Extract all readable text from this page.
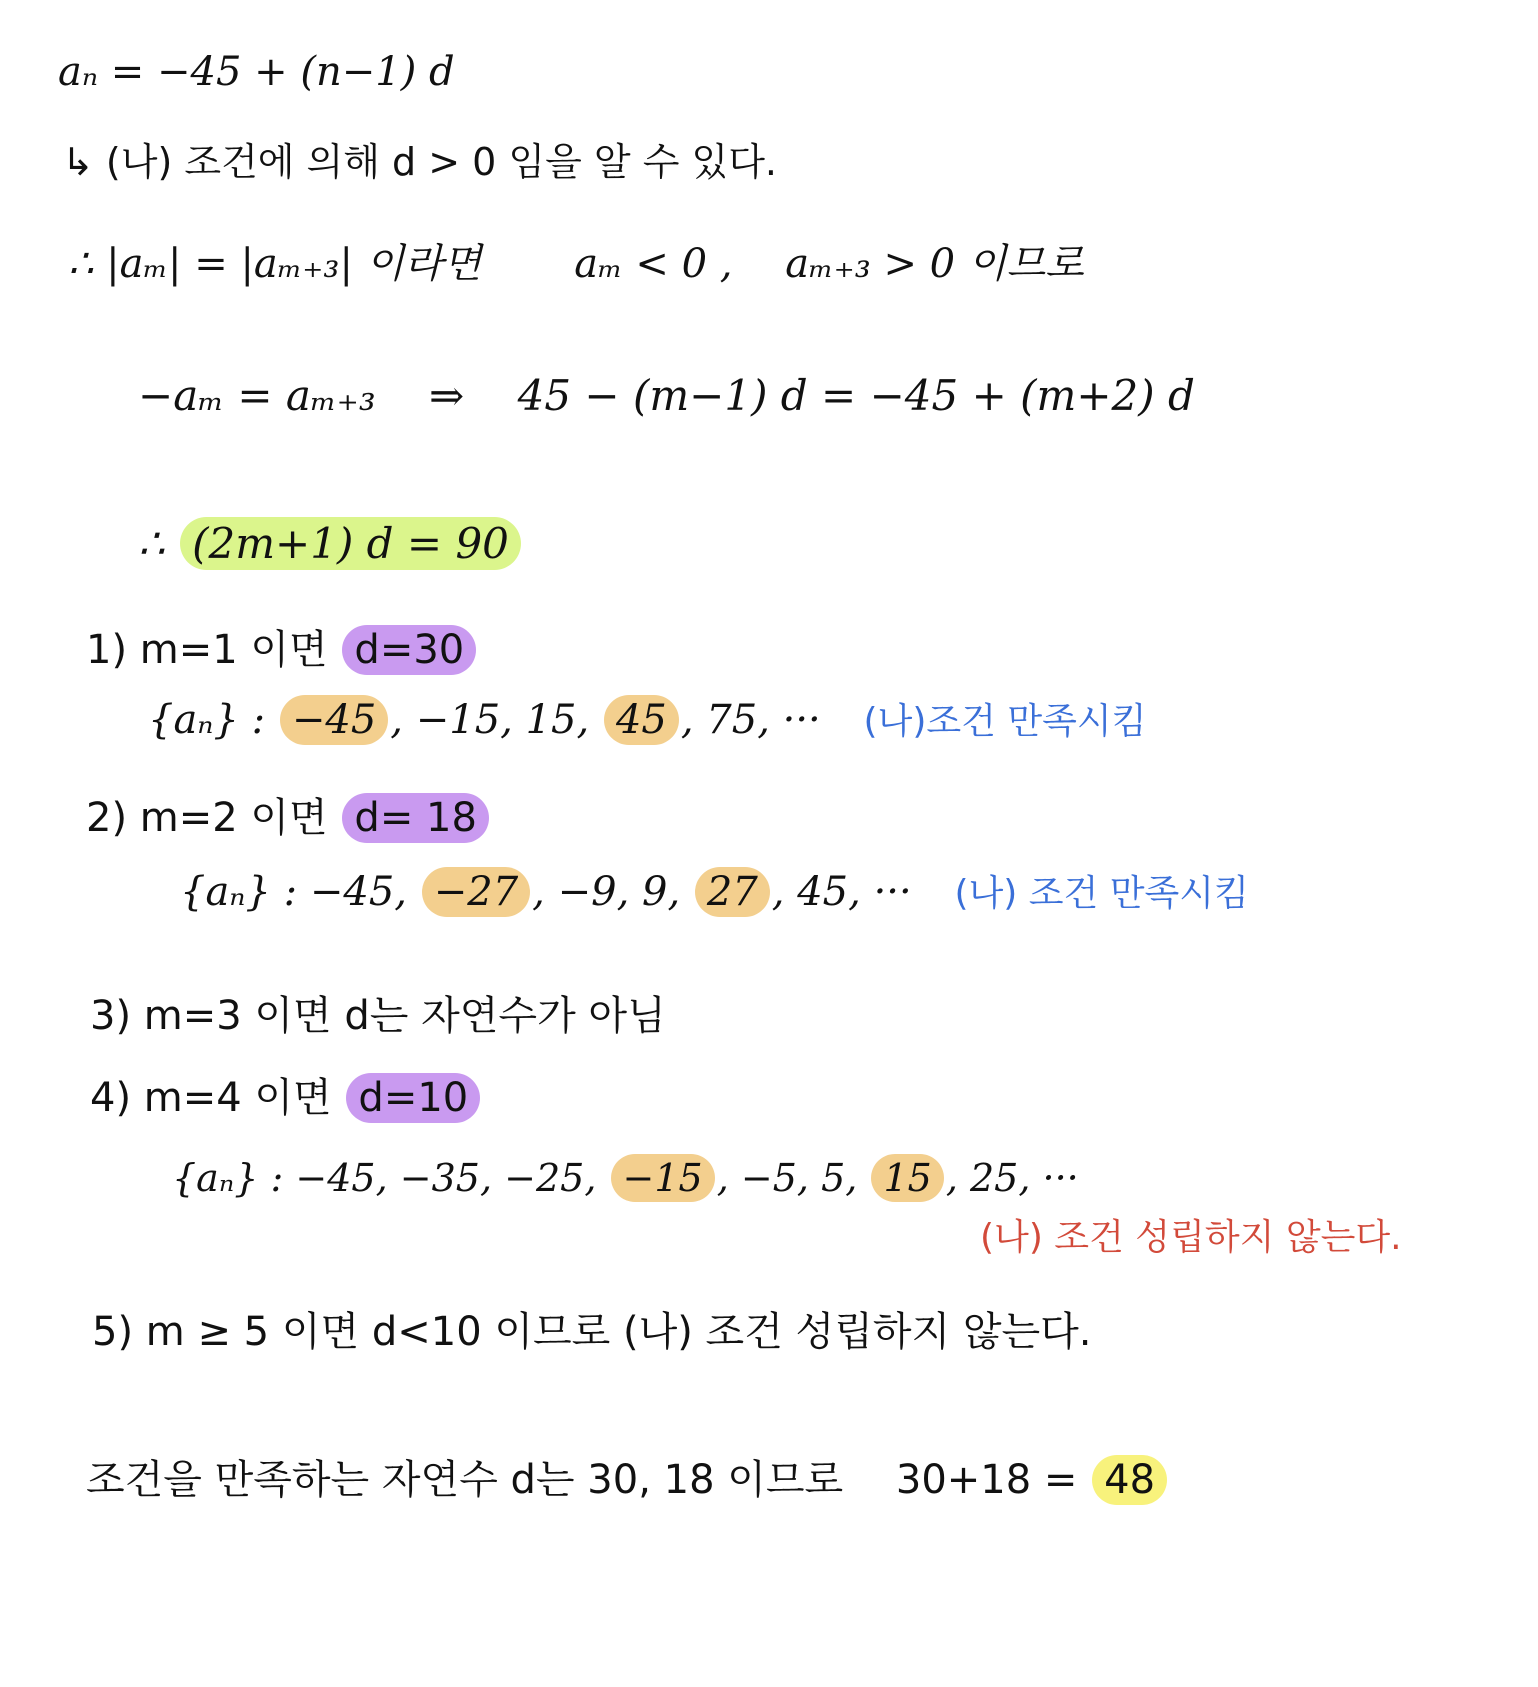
aₙ = −45 + (n−1) d
↳ (나) 조건에 의해 d > 0 임을 알 수 있다.
∴ |aₘ| = |aₘ₊₃| 이라면 aₘ < 0 , aₘ₊₃ > 0 이므로
−aₘ = aₘ₊₃ ⇒ 45 − (m−1) d = −45 + (m+2) d
∴ (2m+1) d = 90
1) m=1 이면 d=30
{aₙ} : −45 , −15, 15, 45 , 75, ··· (나)조건 만족시킴
2) m=2 이면 d= 18
{aₙ} : −45, −27 , −9, 9, 27 , 45, ··· (나) 조건 만족시킴
3) m=3 이면 d는 자연수가 아님
4) m=4 이면 d=10
{aₙ} : −45, −35, −25, −15 , −5, 5, 15 , 25, ···
(나) 조건 성립하지 않는다.
5) m ≥ 5 이면 d<10 이므로 (나) 조건 성립하지 않는다.
조건을 만족하는 자연수 d는 30, 18 이므로 30+18 = 48
